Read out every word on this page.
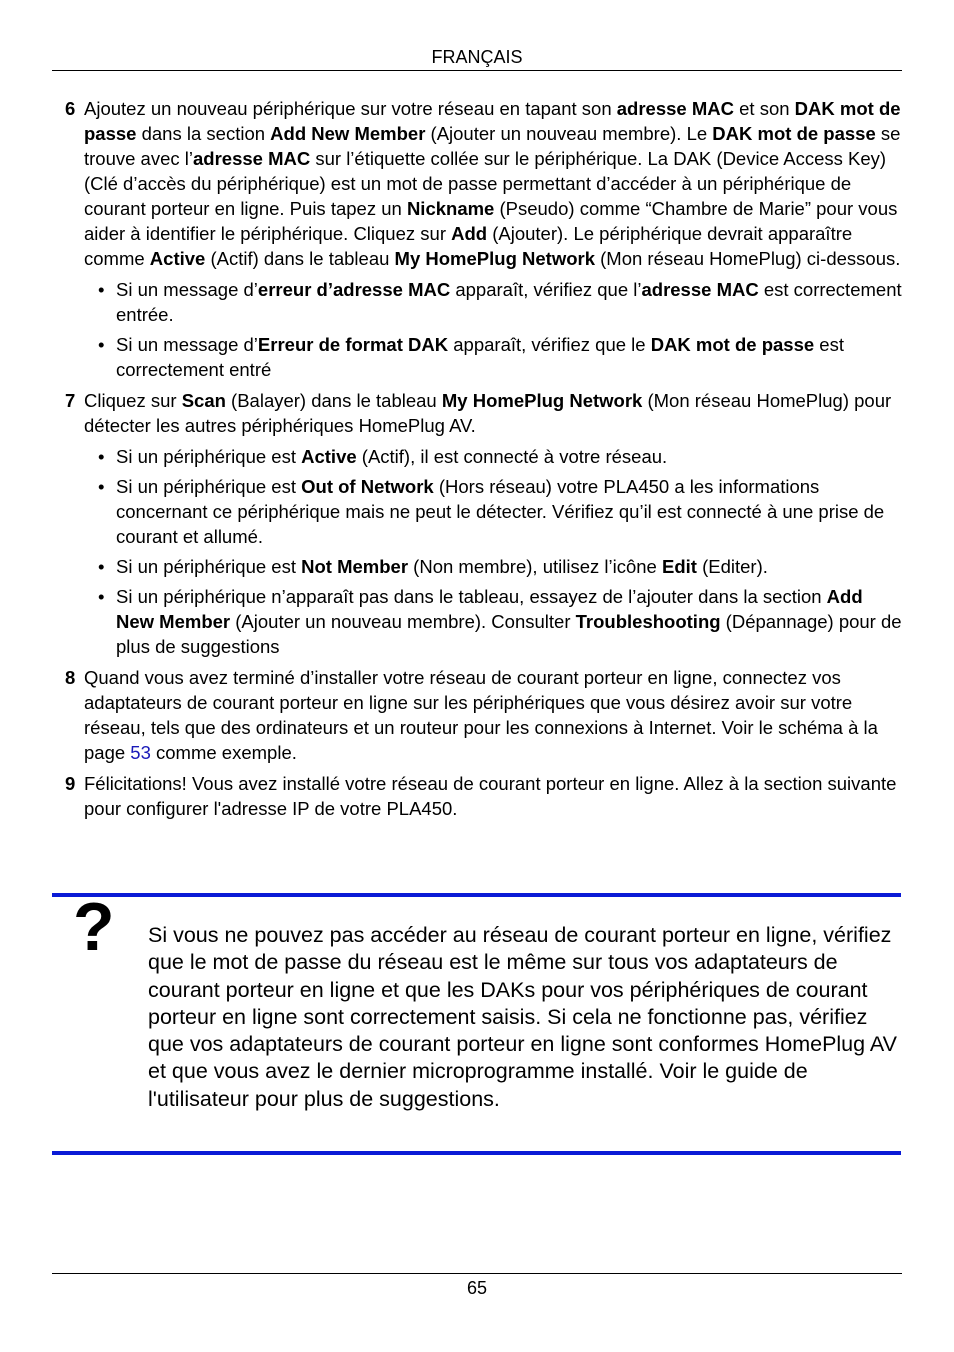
FRANÇAIS
6 Ajoutez un nouveau périphérique sur votre réseau en tapant son adresse MAC et son DAK mot de passe dans la section Add New Member (Ajouter un nouveau membre). Le DAK mot de passe se trouve avec l’adresse MAC sur l’étiquette collée sur le périphérique. La DAK (Device Access Key) (Clé d’accès du périphérique) est un mot de passe permettant d’accéder à un périphérique de courant porteur en ligne. Puis tapez un Nickname (Pseudo) comme “Chambre de Marie” pour vous aider à identifier le périphérique. Cliquez sur Add (Ajouter). Le périphérique devrait apparaître comme Active (Actif) dans le tableau My HomePlug Network (Mon réseau HomePlug) ci-dessous.
• Si un message d’erreur d’adresse MAC apparaît, vérifiez que l’adresse MAC est correctement entrée.
• Si un message d’Erreur de format DAK apparaît, vérifiez que le DAK mot de passe est correctement entré
7 Cliquez sur Scan (Balayer) dans le tableau My HomePlug Network (Mon réseau HomePlug) pour détecter les autres périphériques HomePlug AV.
• Si un périphérique est Active (Actif), il est connecté à votre réseau.
• Si un périphérique est Out of Network (Hors réseau) votre PLA450 a les informations concernant ce périphérique mais ne peut le détecter. Vérifiez qu’il est connecté à une prise de courant et allumé.
• Si un périphérique est Not Member (Non membre), utilisez l’icône Edit (Editer).
• Si un périphérique n’apparaît pas dans le tableau, essayez de l’ajouter dans la section Add New Member (Ajouter un nouveau membre). Consulter Troubleshooting (Dépannage) pour de plus de suggestions
8 Quand vous avez terminé d’installer votre réseau de courant porteur en ligne, connectez vos adaptateurs de courant porteur en ligne sur les périphériques que vous désirez avoir sur votre réseau, tels que des ordinateurs et un routeur pour les connexions à Internet. Voir le schéma à la page 53 comme exemple.
9 Félicitations! Vous avez installé votre réseau de courant porteur en ligne. Allez à la section suivante pour configurer l'adresse IP de votre PLA450.
? Si vous ne pouvez pas accéder au réseau de courant porteur en ligne, vérifiez que le mot de passe du réseau est le même sur tous vos adaptateurs de courant porteur en ligne et que les DAKs pour vos périphériques de courant porteur en ligne sont correctement saisis. Si cela ne fonctionne pas, vérifiez que vos adaptateurs de courant porteur en ligne sont conformes HomePlug AV et que vous avez le dernier microprogramme installé. Voir le guide de l'utilisateur pour plus de suggestions.
65
